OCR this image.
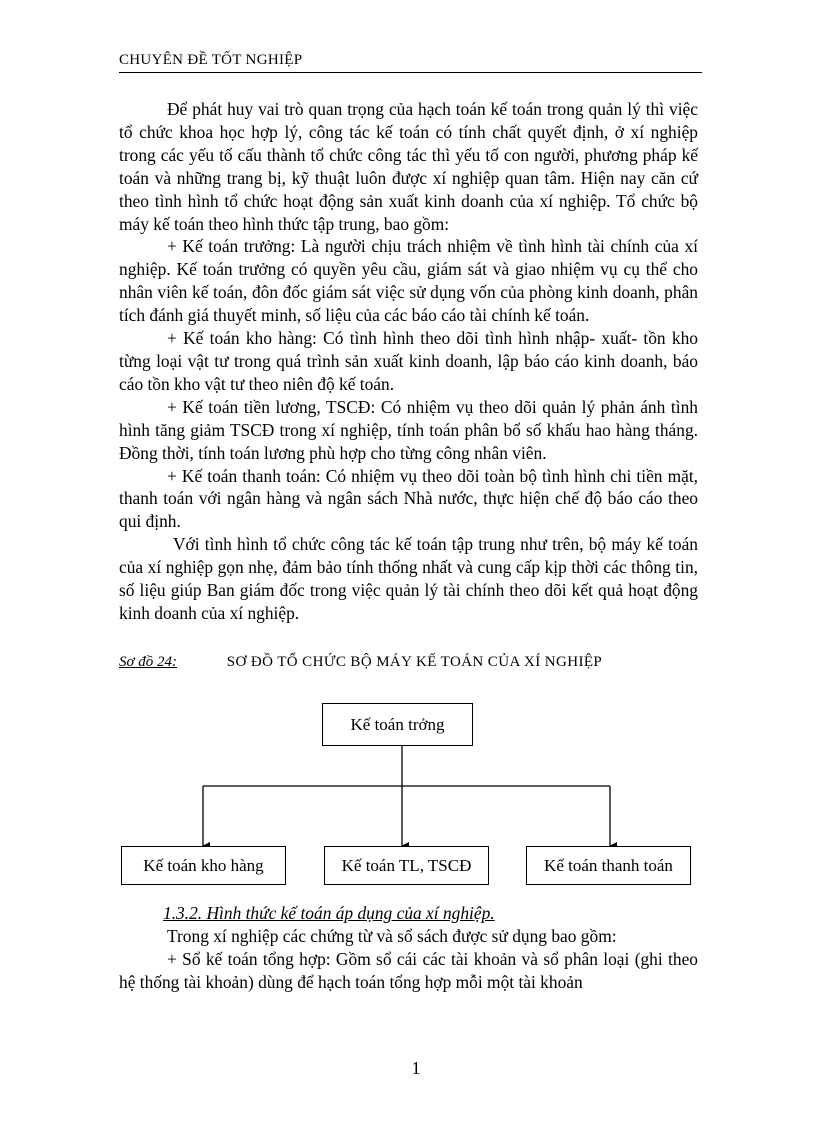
CHUYÊN ĐỀ TỐT NGHIỆP

Để phát huy vai trò quan trọng của hạch toán kế toán trong quản lý thì việc tổ chức khoa học hợp lý, công tác kế toán có tính chất quyết định, ở xí nghiệp trong các yếu tố cấu thành tổ chức công tác thì yếu tố con người, phương pháp kế toán và những trang bị, kỹ thuật luôn được xí nghiệp quan tâm. Hiện nay căn cứ theo tình hình tổ chức hoạt động sản xuất kinh doanh của xí nghiệp. Tổ chức bộ máy kế toán theo hình thức tập trung, bao gồm:

+ Kế toán trưởng: Là người chịu trách nhiệm về tình hình tài chính của xí nghiệp. Kế toán trưởng có quyền yêu cầu, giám sát và giao nhiệm vụ cụ thể cho nhân viên kế toán, đôn đốc giám sát việc sử dụng vốn của phòng kinh doanh, phân tích đánh giá thuyết minh, số liệu của các báo cáo tài chính kế toán.

+ Kế toán kho hàng: Có tình hình theo dõi tình hình nhập- xuất- tồn kho từng loại vật tư trong quá trình sản xuất kinh doanh, lập báo cáo kinh doanh, báo cáo tồn kho vật tư theo niên độ kế toán.

+ Kế toán tiền lương, TSCĐ: Có nhiệm vụ theo dõi quản lý phản ánh tình hình tăng giảm TSCĐ trong xí nghiệp, tính toán phân bổ số khấu hao hàng tháng. Đồng thời, tính toán lương phù hợp cho từng công nhân viên.

+ Kế toán thanh toán: Có nhiệm vụ theo dõi toàn bộ tình hình chi tiền mặt, thanh toán với ngân hàng và ngân sách Nhà nước, thực hiện chế độ báo cáo theo qui định.

Với tình hình tổ chức công tác kế toán tập trung như trên, bộ máy kế toán của xí nghiệp gọn nhẹ, đảm bảo tính thống nhất và cung cấp kịp thời các thông tin, số liệu giúp Ban giám đốc trong việc quản lý tài chính theo dõi kết quả hoạt động kinh doanh của xí nghiệp.

Sơ đồ 24:	SƠ ĐỒ TỔ CHỨC BỘ MÁY KẾ TOÁN CỦA XÍ NGHIỆP
Kế toán trởng
Kế toán kho hàng	Kế toán TL, TSCĐ	Kế toán thanh toán
1.3.2. Hình thức kế toán áp dụng của xí nghiệp.

Trong xí nghiệp các chứng từ và sổ sách được sử dụng bao gồm:

+ Sổ kế toán tổng hợp: Gồm sổ cái các tài khoản và sổ phân loại (ghi theo hệ thống tài khoản) dùng để hạch toán tổng hợp mỗi một tài khoản

1
